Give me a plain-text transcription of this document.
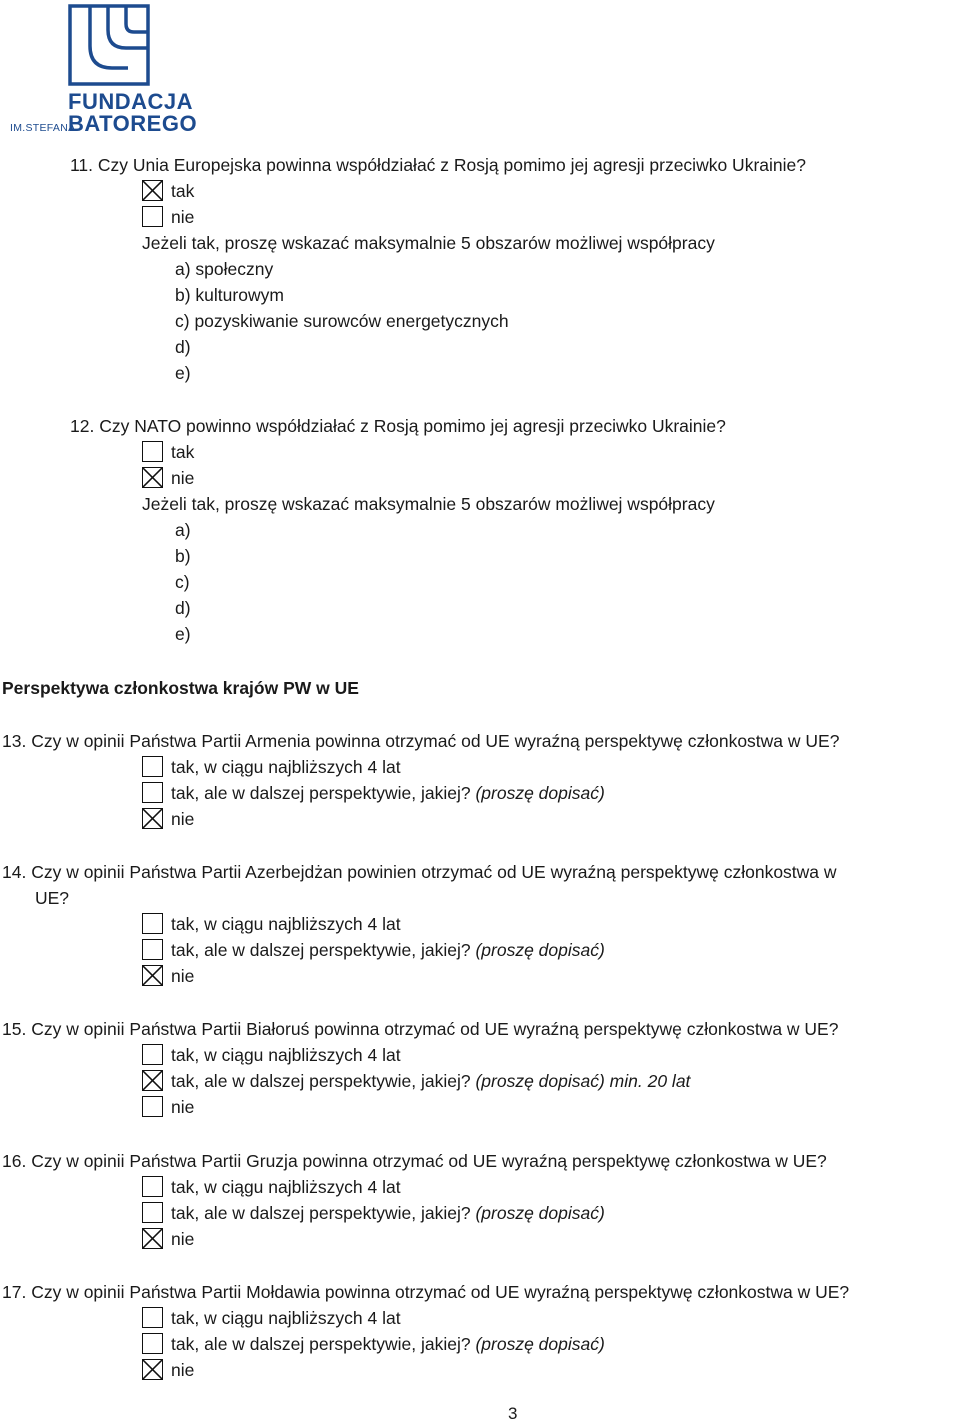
FUNDACJA
IM.STEFANA
BATOREGO
11. Czy Unia Europejska powinna współdziałać z Rosją pomimo jej agresji przeciwko Ukrainie?
tak
nie
Jeżeli tak, proszę wskazać maksymalnie 5 obszarów możliwej współpracy
a) społeczny
b) kulturowym
c) pozyskiwanie surowców energetycznych
d)
e)
12. Czy NATO powinno współdziałać z Rosją pomimo jej agresji przeciwko Ukrainie?
tak
nie
Jeżeli tak, proszę wskazać maksymalnie 5 obszarów możliwej współpracy
a)
b)
c)
d)
e)
Perspektywa członkostwa krajów PW w UE
13. Czy w opinii Państwa Partii Armenia powinna otrzymać od UE wyraźną perspektywę członkostwa w UE?
tak, w ciągu najbliższych 4 lat
tak, ale w dalszej perspektywie, jakiej? (proszę dopisać)
nie
14. Czy w opinii Państwa Partii Azerbejdżan powinien otrzymać od UE wyraźną perspektywę członkostwa w
UE?
tak, w ciągu najbliższych 4 lat
tak, ale w dalszej perspektywie, jakiej? (proszę dopisać)
nie
15. Czy w opinii Państwa Partii Białoruś powinna otrzymać od UE wyraźną perspektywę członkostwa w UE?
tak, w ciągu najbliższych 4 lat
tak, ale w dalszej perspektywie, jakiej? (proszę dopisać) min. 20 lat
nie
16. Czy w opinii Państwa Partii Gruzja powinna otrzymać od UE wyraźną perspektywę członkostwa w UE?
tak, w ciągu najbliższych 4 lat
tak, ale w dalszej perspektywie, jakiej? (proszę dopisać)
nie
17. Czy w opinii Państwa Partii Mołdawia powinna otrzymać od UE wyraźną perspektywę członkostwa w UE?
tak, w ciągu najbliższych 4 lat
tak, ale w dalszej perspektywie, jakiej? (proszę dopisać)
nie
3
